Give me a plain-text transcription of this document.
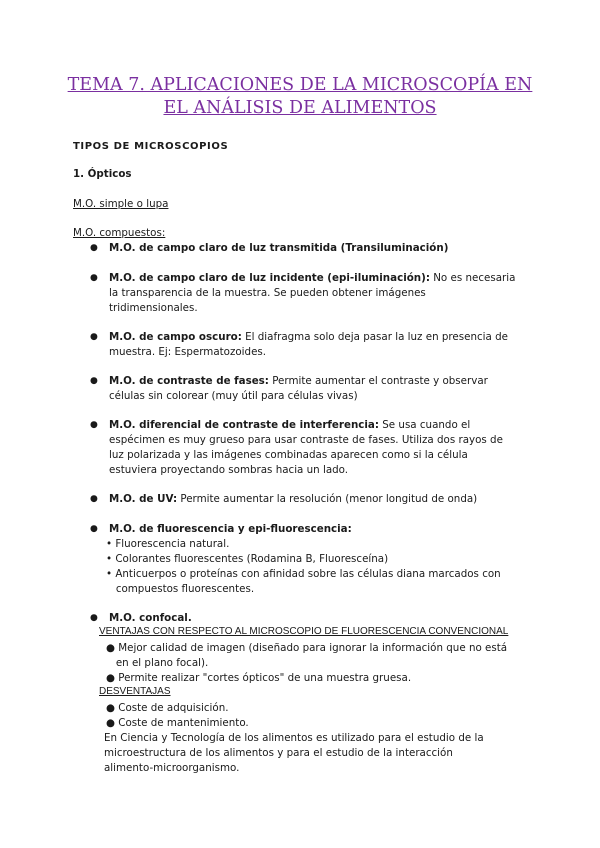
TEMA 7. APLICACIONES DE LA MICROSCOPÍA EN
EL ANÁLISIS DE ALIMENTOS
TIPOS DE MICROSCOPIOS
1. Ópticos
M.O. simple o lupa
M.O. compuestos:
● M.O. de campo claro de luz transmitida (Transiluminación)
● M.O. de campo claro de luz incidente (epi-iluminación): No es necesaria
la transparencia de la muestra. Se pueden obtener imágenes
tridimensionales.
● M.O. de campo oscuro: El diafragma solo deja pasar la luz en presencia de
muestra. Ej: Espermatozoides.
● M.O. de contraste de fases: Permite aumentar el contraste y observar
células sin colorear (muy útil para células vivas)
● M.O. diferencial de contraste de interferencia: Se usa cuando el
espécimen es muy grueso para usar contraste de fases. Utiliza dos rayos de
luz polarizada y las imágenes combinadas aparecen como si la célula
estuviera proyectando sombras hacia un lado.
● M.O. de UV: Permite aumentar la resolución (menor longitud de onda)
● M.O. de fluorescencia y epi-fluorescencia:
• Fluorescencia natural.
• Colorantes fluorescentes (Rodamina B, Fluoresceína)
• Anticuerpos o proteínas con afinidad sobre las células diana marcados con
compuestos fluorescentes.
● M.O. confocal.
VENTAJAS CON RESPECTO AL MICROSCOPIO DE FLUORESCENCIA CONVENCIONAL
● Mejor calidad de imagen (diseñado para ignorar la información que no está
en el plano focal).
● Permite realizar "cortes ópticos" de una muestra gruesa.
DESVENTAJAS
● Coste de adquisición.
● Coste de mantenimiento.
En Ciencia y Tecnología de los alimentos es utilizado para el estudio de la
microestructura de los alimentos y para el estudio de la interacción
alimento-microorganismo.
